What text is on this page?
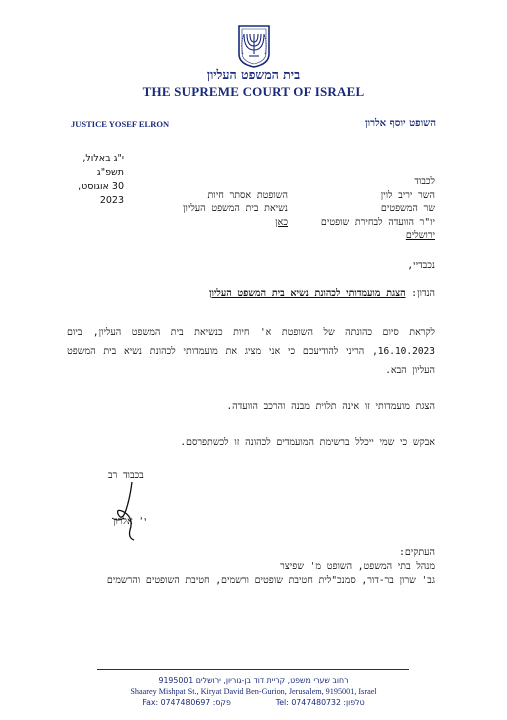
בית המשפט העליון
THE SUPREME COURT OF ISRAEL
JUSTICE YOSEF ELRON	השופט יוסף אלרון
י"ג באלול, תשפ"ג
30 אוגוסט, 2023
לכבוד
השר יריב לוין
שר המשפטים
יו"ר הוועדה לבחירת שופטים
ירושלים
השופטת אסתר חיות
נשיאת בית המשפט העליון
כאן
נכבדיי,
הנדון: הצגת מועמדותי לכהונת נשיא בית המשפט העליון
לקראת סיום כהונתה של השופטת א' חיות כנשיאת בית המשפט העליון, ביום 16.10.2023, הריני להודיעכם כי אני מציג את מועמדותי לכהונת נשיא בית המשפט העליון הבא.
הצגת מועמדותי זו אינה תלוית מבנה והרכב הוועדה.
אבקש כי שמי ייכלל ברשימת המועמדים לכהונה זו לכשתפרסם.
בכבוד רב
י' אלרון
העתקים:
מנהל בתי המשפט, השופט מ' שפיצר
גב' שרון בר-דור, סמנכ"לית חטיבת שופטים ורשמים, חטיבת השופטים והרשמים
רחוב שערי משפט, קריית דוד בן-גוריון, ירושלים 9195001
Shaarey Mishpat St., Kiryat David Ben-Gurion, Jerusalem, 9195001, Israel
טלפון: 0747480732 :Tel  פקס: 0747480697 :Fax
